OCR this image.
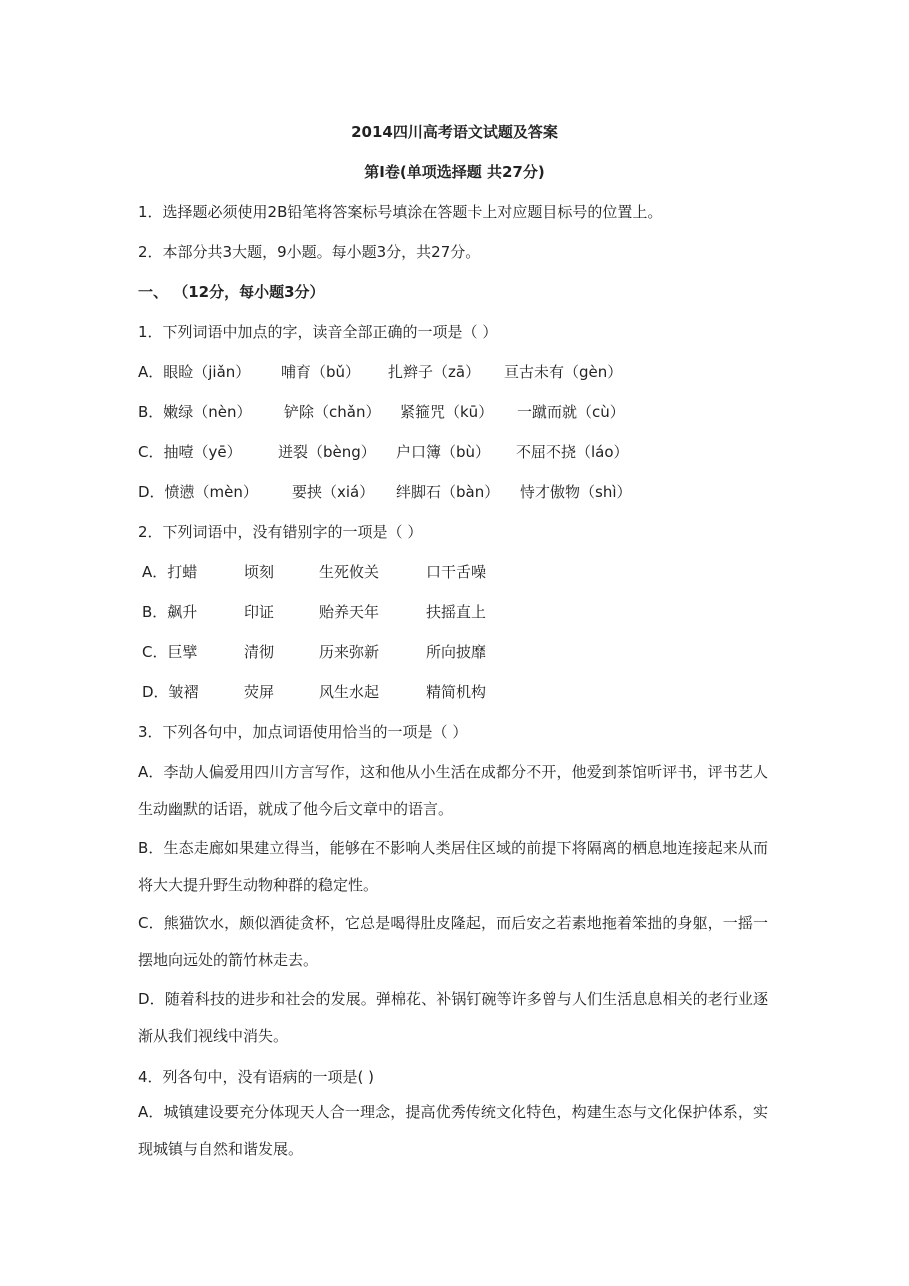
2014四川高考语文试题及答案
第Ⅰ卷(单项选择题 共27分)
1．选择题必须使用2B铅笔将答案标号填涂在答题卡上对应题目标号的位置上。
2．本部分共3大题，9小题。每小题3分，共27分。
一、 （12分，每小题3分）
1．下列词语中加点的字，读音全部正确的一项是（ ）
A．眼睑（jiǎn） 哺育（bǔ） 扎辫子（zā） 亘古未有（gèn）
B．嫩绿（nèn） 铲除（chǎn） 紧箍咒（kū） 一蹴而就（cù）
C．抽噎（yē） 迸裂（bèng） 户口簿（bù） 不屈不挠（láo）
D．愤懑（mèn） 要挟（xiá） 绊脚石（bàn） 恃才傲物（shì）
2．下列词语中，没有错别字的一项是（ ）
A．打蜡	顷刻	生死攸关	口干舌噪
B．飙升	印证	贻养天年	扶摇直上
C．巨擘	清彻	历来弥新	所向披靡
D．皱褶	荧屏	风生水起	精简机构
3．下列各句中，加点词语使用恰当的一项是（ ）
A．李劼人偏爱用四川方言写作，这和他从小生活在成都分不开，他爱到茶馆听评书，评书艺人生动幽默的话语，就成了他今后文章中的语言。
B．生态走廊如果建立得当，能够在不影响人类居住区域的前提下将隔离的栖息地连接起来从而将大大提升野生动物种群的稳定性。
C．熊猫饮水，颇似酒徒贪杯，它总是喝得肚皮隆起，而后安之若素地拖着笨拙的身躯，一摇一摆地向远处的箭竹林走去。
D．随着科技的进步和社会的发展。弹棉花、补锅钉碗等许多曾与人们生活息息相关的老行业逐渐从我们视线中消失。
4．列各句中，没有语病的一项是( )
A．城镇建设要充分体现天人合一理念，提高优秀传统文化特色，构建生态与文化保护体系，实现城镇与自然和谐发展。
